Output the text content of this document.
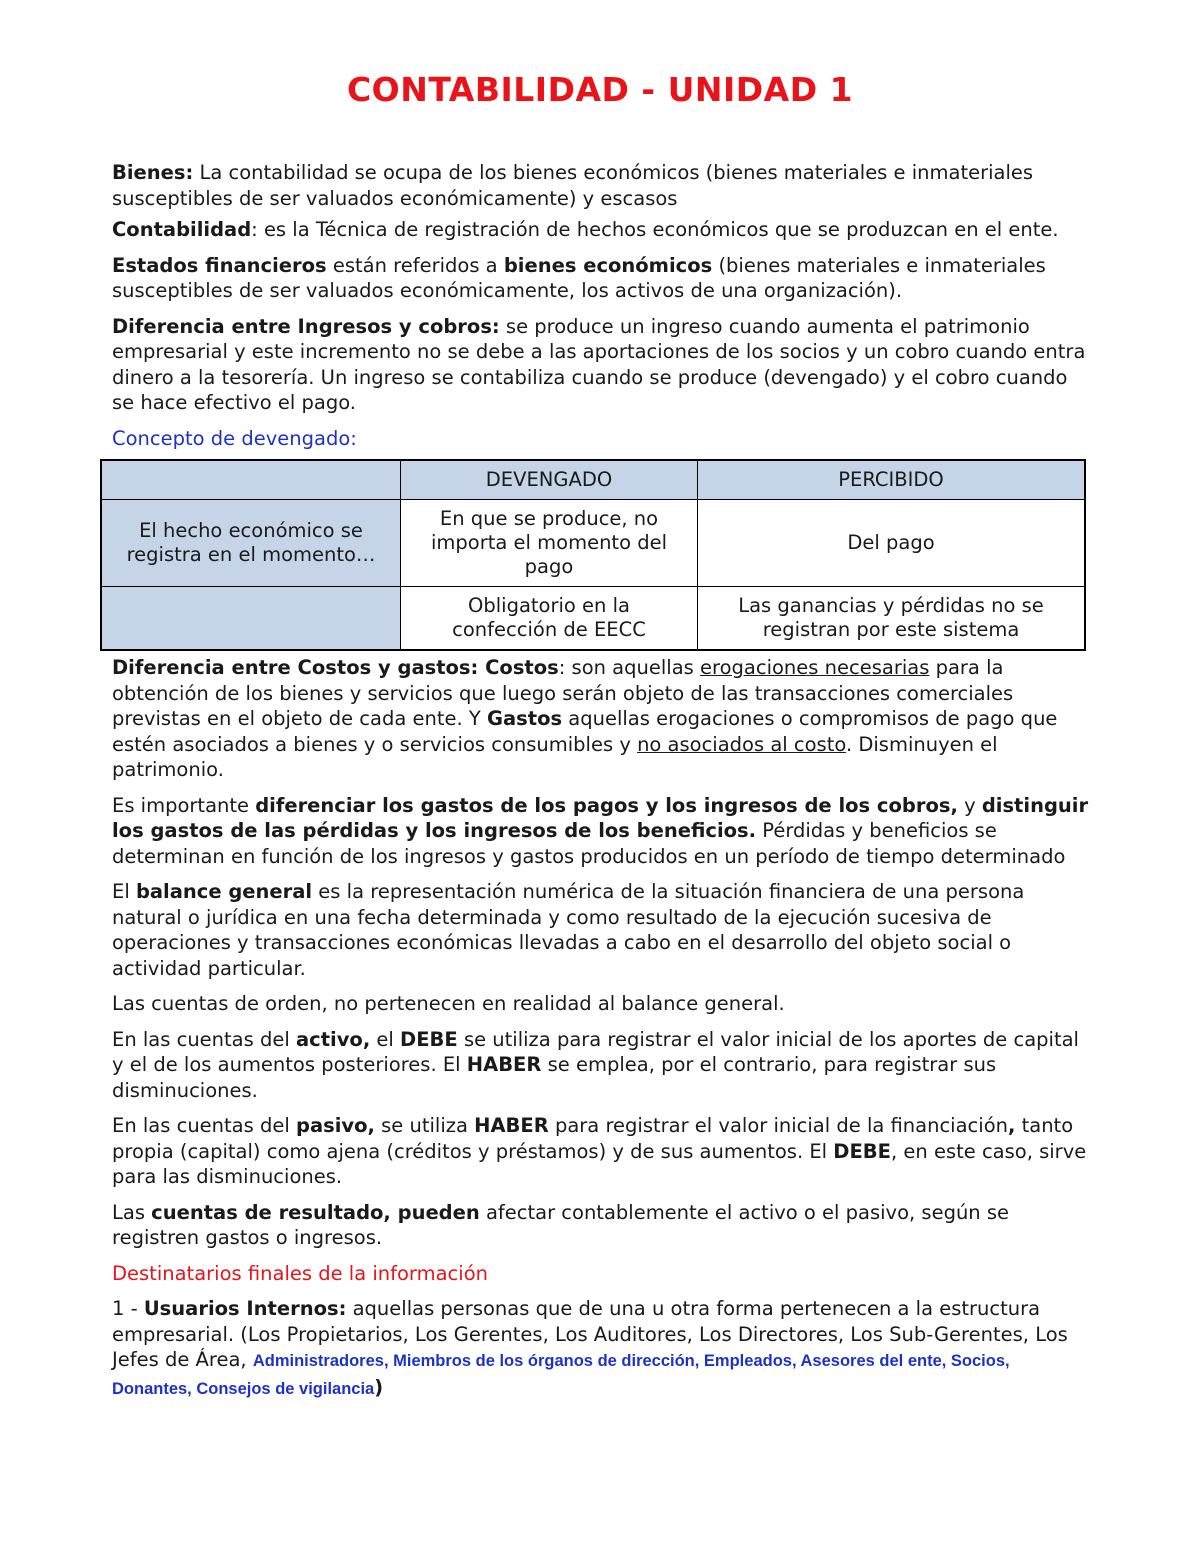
CONTABILIDAD - UNIDAD 1

Bienes: La contabilidad se ocupa de los bienes económicos (bienes materiales e inmateriales susceptibles de ser valuados económicamente) y escasos

Contabilidad: es la Técnica de registración de hechos económicos que se produzcan en el ente.

Estados financieros están referidos a bienes económicos (bienes materiales e inmateriales susceptibles de ser valuados económicamente, los activos de una organización).

Diferencia entre Ingresos y cobros: se produce un ingreso cuando aumenta el patrimonio empresarial y este incremento no se debe a las aportaciones de los socios y un cobro cuando entra dinero a la tesorería. Un ingreso se contabiliza cuando se produce (devengado) y el cobro cuando se hace efectivo el pago.

Concepto de devengado:

	DEVENGADO	PERCIBIDO
El hecho económico se registra en el momento…	En que se produce, no importa el momento del pago	Del pago
	Obligatorio en la confección de EECC	Las ganancias y pérdidas no se registran por este sistema

Diferencia entre Costos y gastos: Costos: son aquellas erogaciones necesarias para la obtención de los bienes y servicios que luego serán objeto de las transacciones comerciales previstas en el objeto de cada ente. Y Gastos aquellas erogaciones o compromisos de pago que estén asociados a bienes y o servicios consumibles y no asociados al costo. Disminuyen el patrimonio.

Es importante diferenciar los gastos de los pagos y los ingresos de los cobros, y distinguir los gastos de las pérdidas y los ingresos de los beneficios. Pérdidas y beneficios se determinan en función de los ingresos y gastos producidos en un período de tiempo determinado

El balance general es la representación numérica de la situación financiera de una persona natural o jurídica en una fecha determinada y como resultado de la ejecución sucesiva de operaciones y transacciones económicas llevadas a cabo en el desarrollo del objeto social o actividad particular.

Las cuentas de orden, no pertenecen en realidad al balance general.

En las cuentas del activo, el DEBE se utiliza para registrar el valor inicial de los aportes de capital y el de los aumentos posteriores. El HABER se emplea, por el contrario, para registrar sus disminuciones.

En las cuentas del pasivo, se utiliza HABER para registrar el valor inicial de la financiación, tanto propia (capital) como ajena (créditos y préstamos) y de sus aumentos. El DEBE, en este caso, sirve para las disminuciones.

Las cuentas de resultado, pueden afectar contablemente el activo o el pasivo, según se registren gastos o ingresos.

Destinatarios finales de la información

1 - Usuarios Internos: aquellas personas que de una u otra forma pertenecen a la estructura empresarial. (Los Propietarios, Los Gerentes, Los Auditores, Los Directores, Los Sub-Gerentes, Los Jefes de Área, Administradores, Miembros de los órganos de dirección, Empleados, Asesores del ente, Socios, Donantes, Consejos de vigilancia)
